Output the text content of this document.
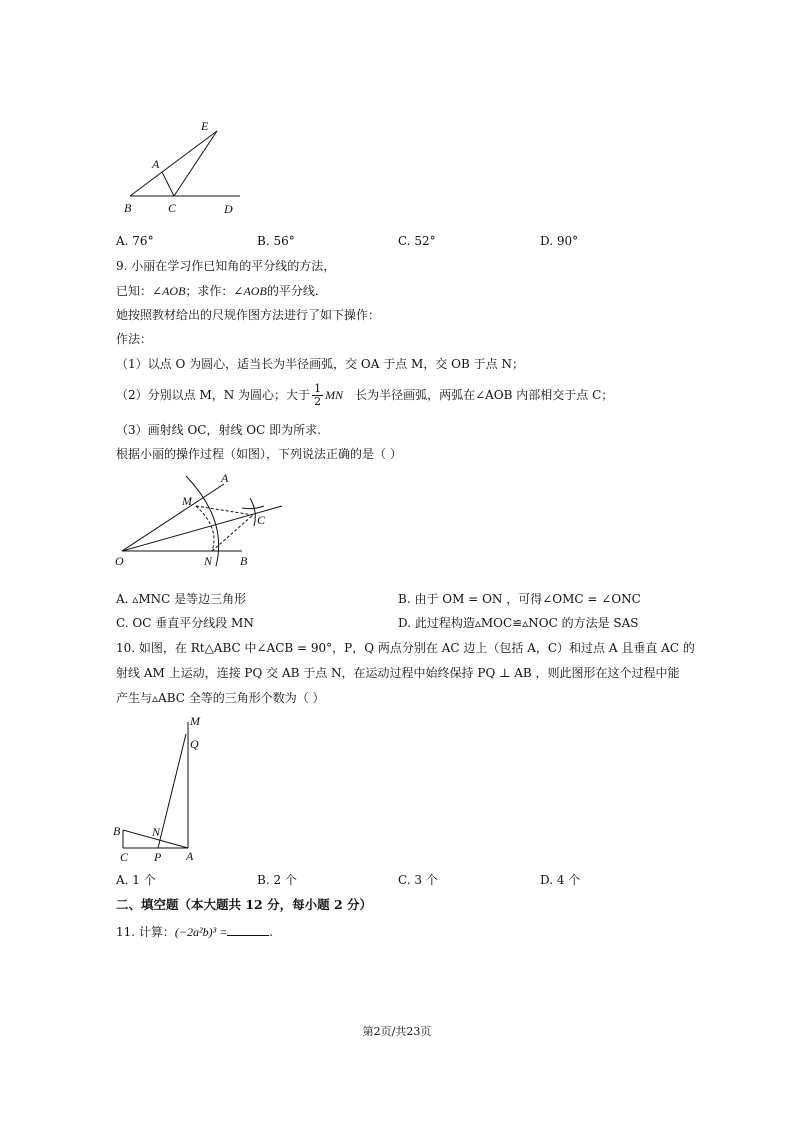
E
A
B	C	D
A. 76°	B. 56°	C. 52°	D. 90°
9. 小丽在学习作已知角的平分线的方法，
已知：∠AOB；求作：∠AOB的平分线.
她按照教材给出的尺规作图方法进行了如下操作：
作法：
（1）以点 O 为圆心，适当长为半径画弧，交 OA 于点 M，交 OB 于点 N；
（2）分别以点 M，N 为圆心；大于 $\frac{1}{2}$ MN 长为半径画弧，两弧在∠AOB 内部相交于点 C；
（3）画射线 OC，射线 OC 即为所求.
根据小丽的操作过程（如图），下列说法正确的是（ ）
A
M
C
O	N B
A. ▵MNC 是等边三角形	B. 由于 OM = ON ，可得∠OMC = ∠ONC
C. OC 垂直平分线段 MN	D. 此过程构造▵MOC≌▵NOC 的方法是 SAS
10. 如图，在 Rt△ABC 中∠ACB = 90°，P，Q 两点分别在 AC 边上（包括 A，C）和过点 A 且垂直 AC 的
射线 AM 上运动，连接 PQ 交 AB 于点 N，在运动过程中始终保持 PQ ⊥ AB ，则此图形在这个过程中能
产生与▵ABC 全等的三角形个数为（ ）
M
Q
B	N
C P A
A. 1 个	B. 2 个	C. 3 个	D. 4 个
二、填空题（本大题共 12 分，每小题 2 分）
11. 计算：(−2a²b)³ =	.
第2页/共23页
